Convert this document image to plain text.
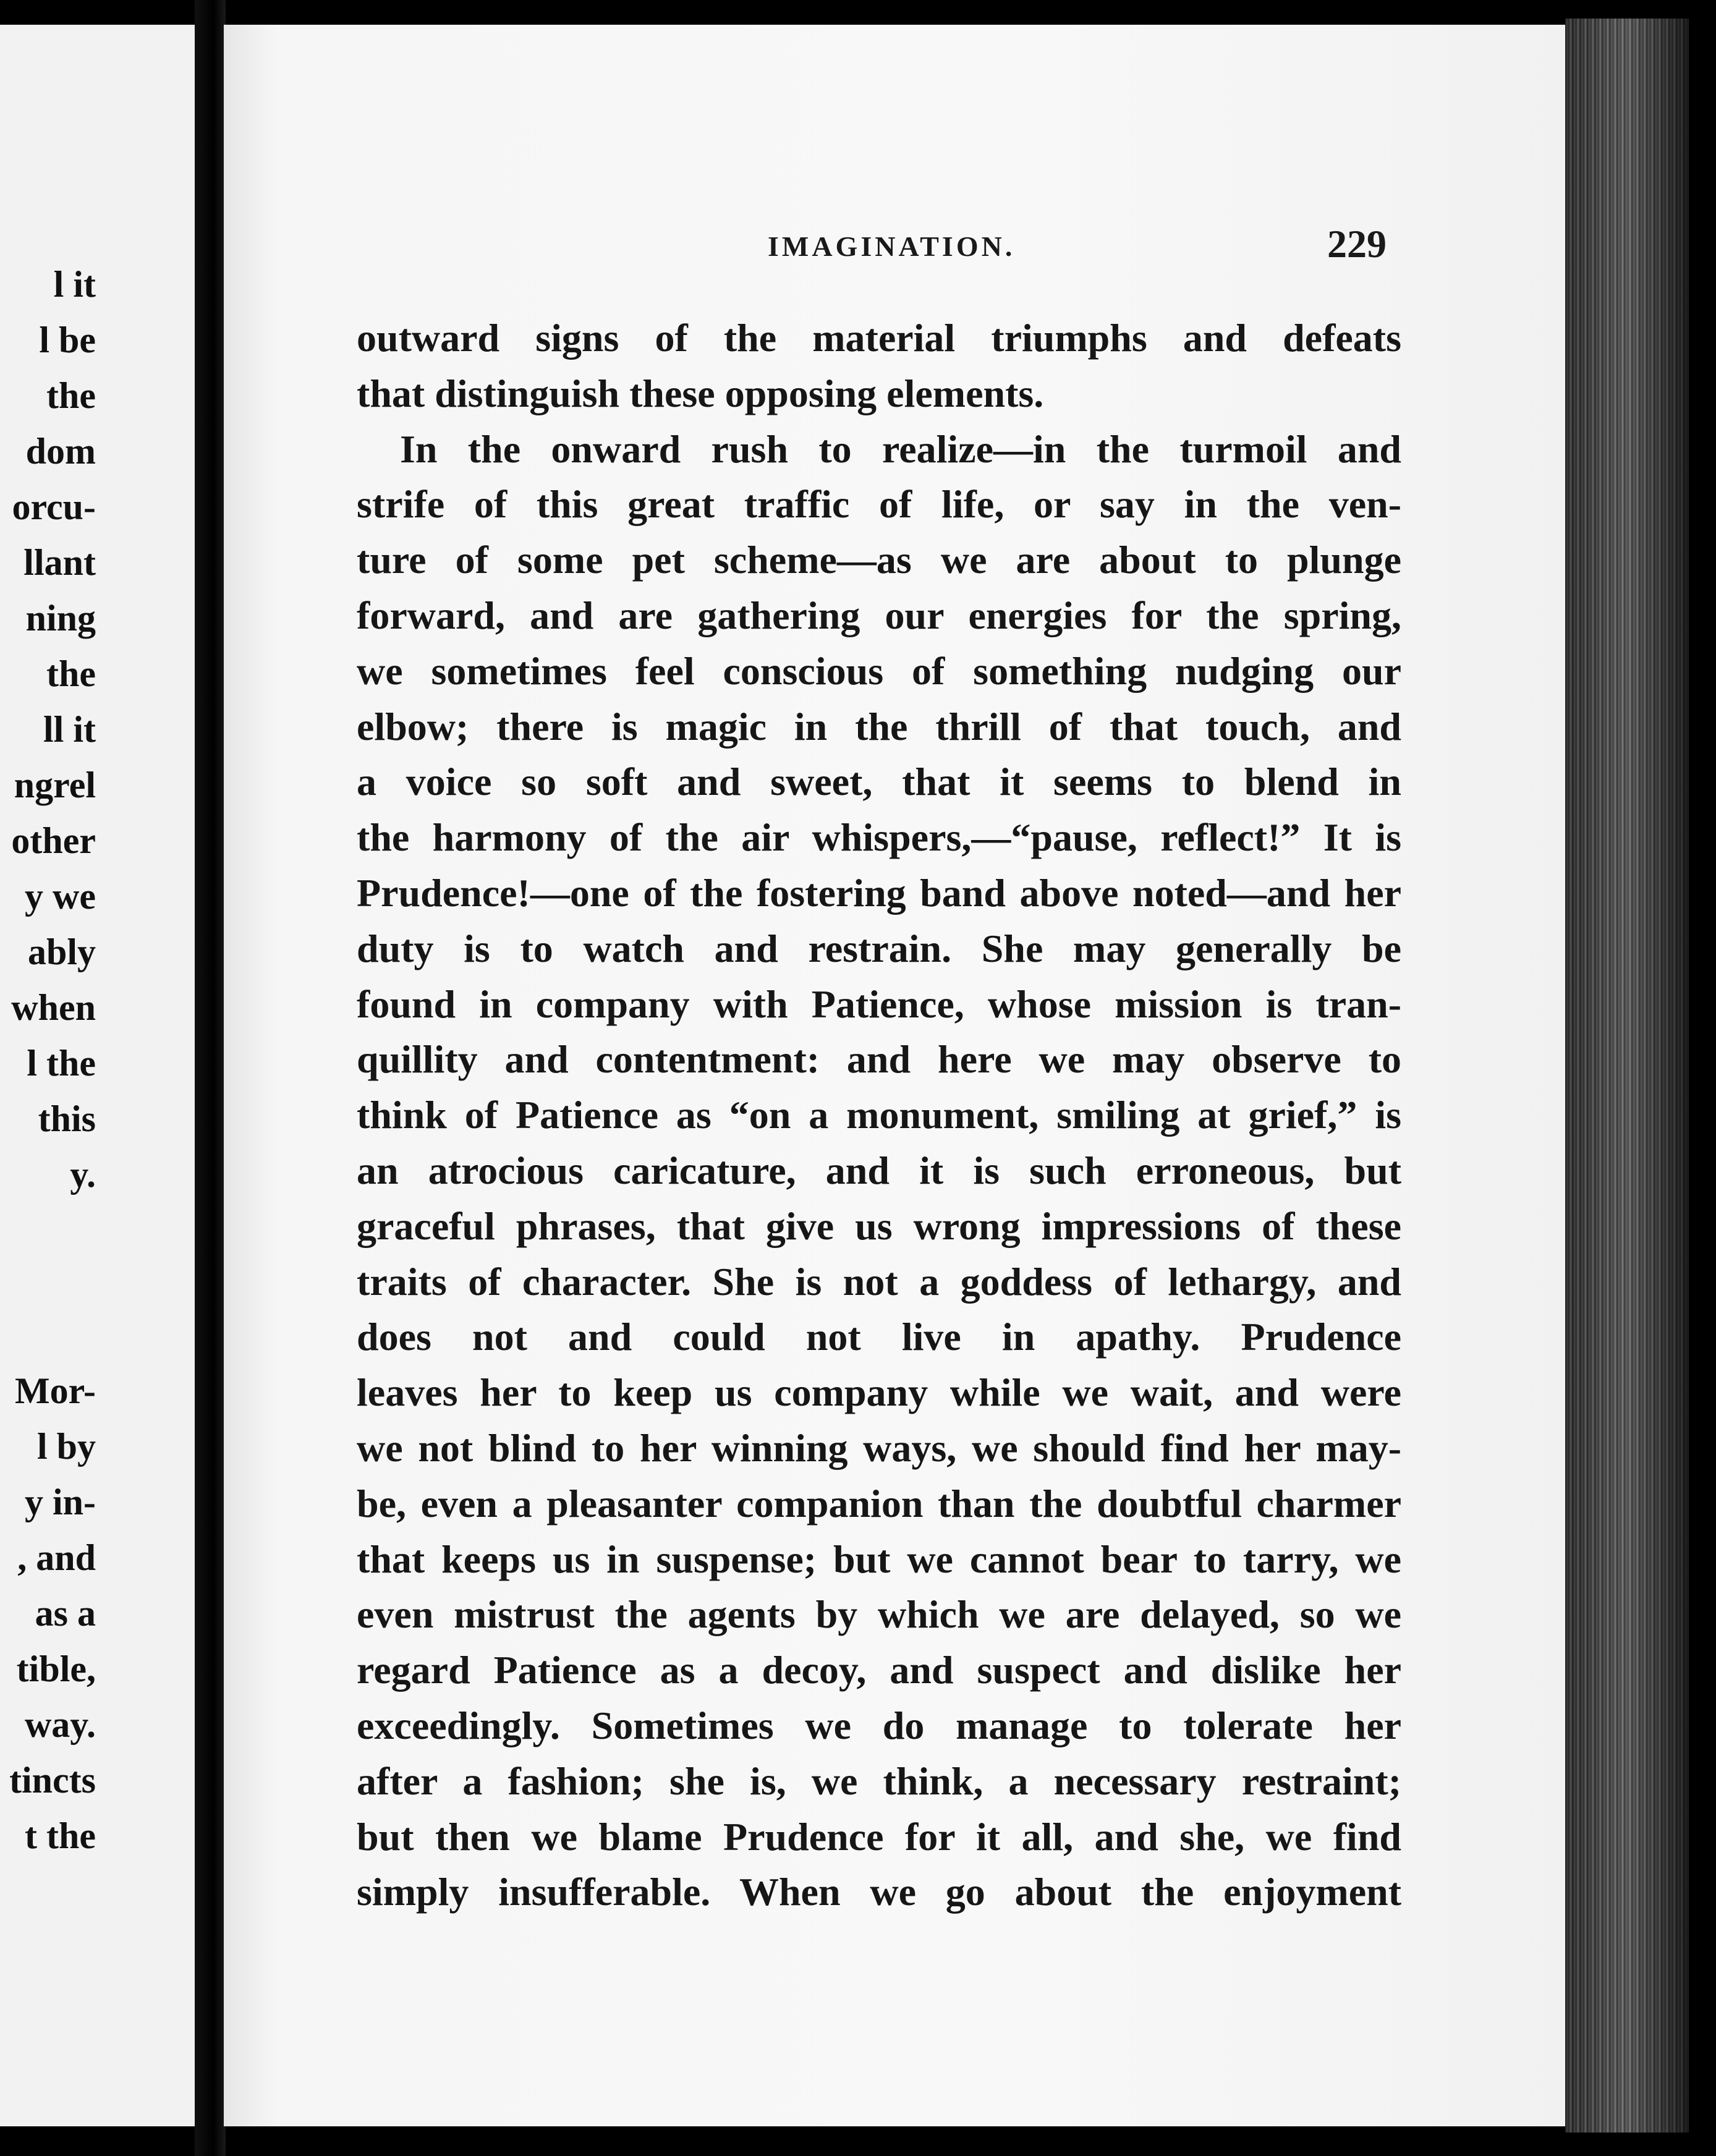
l it
l be
the
dom
orcu-
llant
ning
the
ll it
ngrel
other
y we
ably
when
l the
this
y.
Mor-
l by
y in-
, and
as a
tible,
way.
tincts
t the
IMAGINATION.	229
outward signs of the material triumphs and defeats
that distinguish these opposing elements.
In the onward rush to realize—in the turmoil and
strife of this great traffic of life, or say in the ven-
ture of some pet scheme—as we are about to plunge
forward, and are gathering our energies for the spring,
we sometimes feel conscious of something nudging our
elbow; there is magic in the thrill of that touch, and
a voice so soft and sweet, that it seems to blend in
the harmony of the air whispers,—“pause, reflect!” It is
Prudence!—one of the fostering band above noted—and her
duty is to watch and restrain. She may generally be
found in company with Patience, whose mission is tran-
quillity and contentment: and here we may observe to
think of Patience as “on a monument, smiling at grief,” is
an atrocious caricature, and it is such erroneous, but
graceful phrases, that give us wrong impressions of these
traits of character. She is not a goddess of lethargy, and
does not and could not live in apathy. Prudence
leaves her to keep us company while we wait, and were
we not blind to her winning ways, we should find her may-
be, even a pleasanter companion than the doubtful charmer
that keeps us in suspense; but we cannot bear to tarry, we
even mistrust the agents by which we are delayed, so we
regard Patience as a decoy, and suspect and dislike her
exceedingly. Sometimes we do manage to tolerate her
after a fashion; she is, we think, a necessary restraint;
but then we blame Prudence for it all, and she, we find
simply insufferable. When we go about the enjoyment
